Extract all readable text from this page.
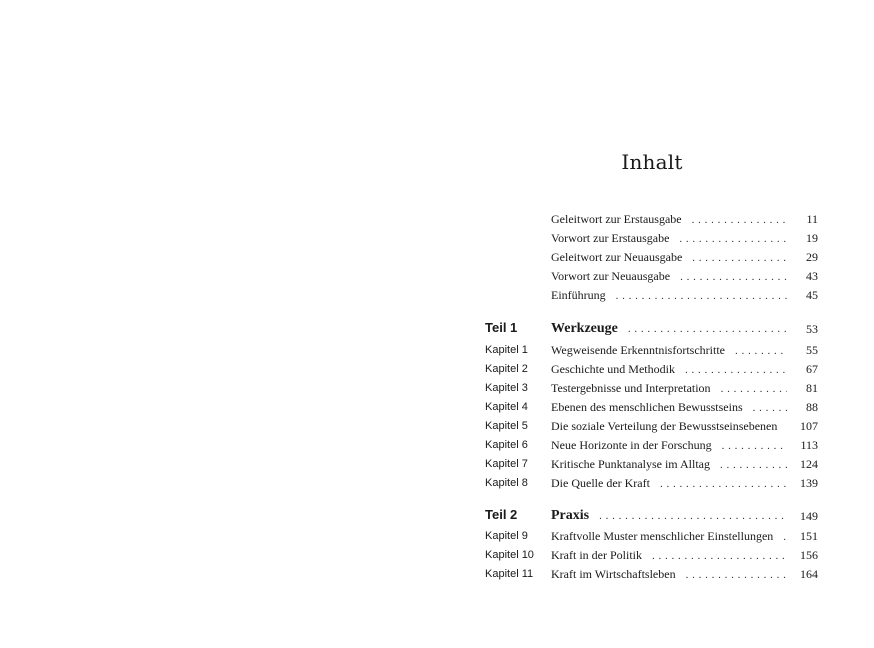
Inhalt
Geleitwort zur Erstausgabe . . .	11
Vorwort zur Erstausgabe . . .	19
Geleitwort zur Neuausgabe . . .	29
Vorwort zur Neuausgabe . . .	43
Einführung . . .	45
Teil 1 Werkzeuge . . .	53
Kapitel 1 Wegweisende Erkenntnisfortschritte . . .	55
Kapitel 2 Geschichte und Methodik . . .	67
Kapitel 3 Testergebnisse und Interpretation . . .	81
Kapitel 4 Ebenen des menschlichen Bewusstseins . . .	88
Kapitel 5 Die soziale Verteilung der Bewusstseinsebenen	107
Kapitel 6 Neue Horizonte in der Forschung . . .	113
Kapitel 7 Kritische Punktanalyse im Alltag . . .	124
Kapitel 8 Die Quelle der Kraft . . .	139
Teil 2 Praxis . . .	149
Kapitel 9 Kraftvolle Muster menschlicher Einstellungen . . .	151
Kapitel 10 Kraft in der Politik . . .	156
Kapitel 11 Kraft im Wirtschaftsleben . . .	164
